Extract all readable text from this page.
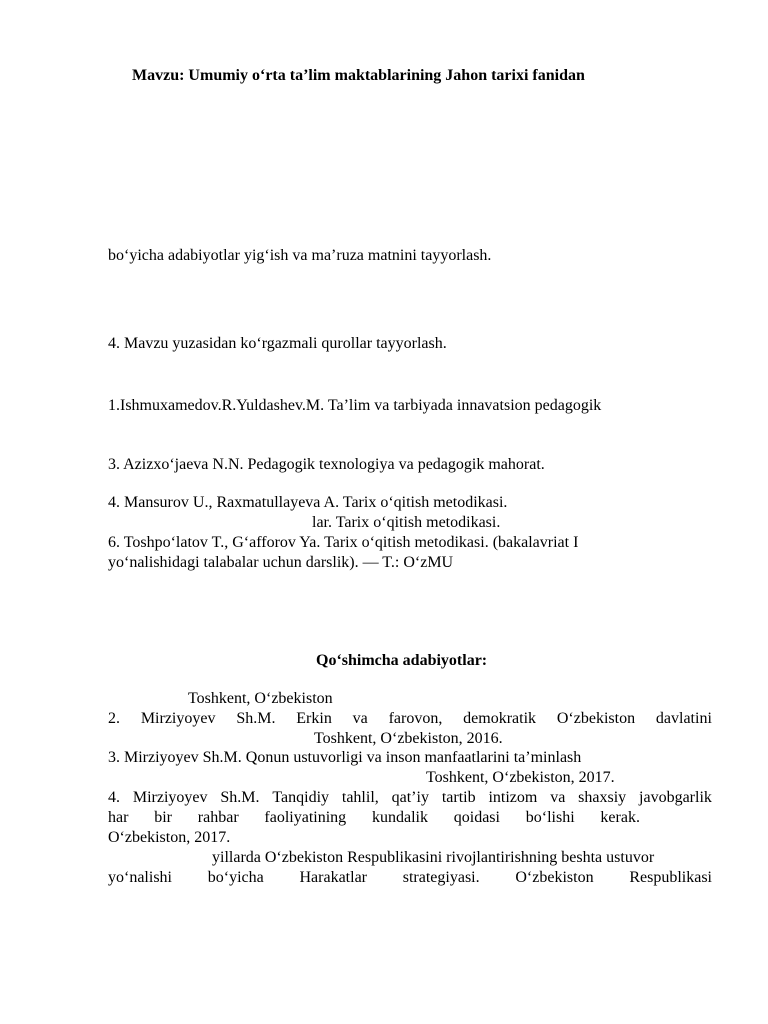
Mavzu: Umumiy o‘rta ta’lim maktablarining Jahon tarixi fanidan
bo‘yicha adabiyotlar yig‘ish va ma’ruza matnini tayyorlash.
4. Mavzu yuzasidan ko‘rgazmali qurollar tayyorlash.
1.Ishmuxamedov.R.Yuldashev.M. Ta’lim va tarbiyada innavatsion pedagogik
3. Azizxo‘jaeva N.N. Pedagogik texnologiya va pedagogik mahorat.
4. Mansurov U., Raxmatullayeva A. Tarix o‘qitish metodikasi.
lar. Tarix o‘qitish metodikasi.
6. Toshpo‘latov T., G‘afforov Ya. Tarix o‘qitish metodikasi. (bakalavriat I
yo‘nalishidagi talabalar uchun darslik). — T.: O‘zMU
Qo‘shimcha adabiyotlar:
Toshkent, O‘zbekiston
2. Mirziyoyev Sh.M. Erkin va farovon, demokratik O‘zbekiston davlatini
Toshkent, O‘zbekiston, 2016.
3. Mirziyoyev Sh.M. Qonun ustuvorligi va inson manfaatlarini ta’minlash
Toshkent, O‘zbekiston, 2017.
4. Mirziyoyev Sh.M. Tanqidiy tahlil, qat’iy tartib intizom va shaxsiy javobgarlik
har bir rahbar faoliyatining kundalik qoidasi bo‘lishi kerak.
O‘zbekiston, 2017.
yillarda O‘zbekiston Respublikasini rivojlantirishning beshta ustuvor
yo‘nalishi bo‘yicha Harakatlar strategiyasi. O‘zbekiston Respublikasi
